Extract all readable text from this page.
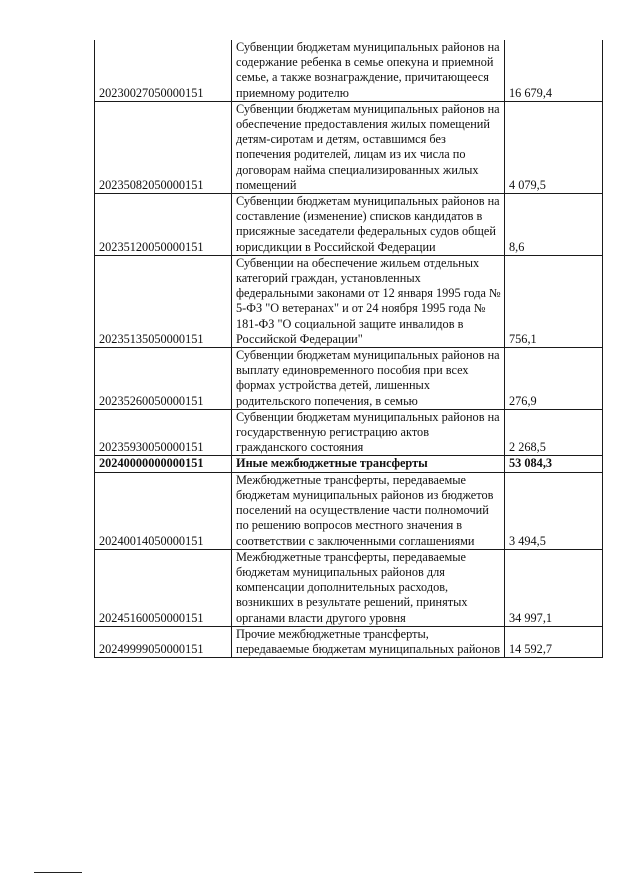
20230027050000151	Субвенции бюджетам муниципальных районов на содержание ребенка в семье опекуна и приемной семье, а также вознаграждение, причитающееся приемному родителю	16 679,4
20235082050000151	Субвенции бюджетам муниципальных районов на обеспечение предоставления жилых помещений детям-сиротам и детям, оставшимся без попечения родителей, лицам из их числа по договорам найма специализированных жилых помещений	4 079,5
20235120050000151	Субвенции бюджетам муниципальных районов на составление (изменение) списков кандидатов в присяжные заседатели федеральных судов общей юрисдикции в Российской Федерации	8,6
20235135050000151	Субвенции на обеспечение жильем отдельных категорий граждан, установленных федеральными законами от 12 января 1995 года № 5-ФЗ "О ветеранах" и от 24 ноября 1995 года № 181-ФЗ "О социальной защите инвалидов в Российской Федерации"	756,1
20235260050000151	Субвенции бюджетам муниципальных районов на выплату единовременного пособия при всех формах устройства детей, лишенных родительского попечения, в семью	276,9
20235930050000151	Субвенции бюджетам муниципальных районов на государственную регистрацию актов гражданского состояния	2 268,5
20240000000000151	Иные межбюджетные трансферты	53 084,3
20240014050000151	Межбюджетные трансферты, передаваемые бюджетам муниципальных районов из бюджетов поселений на осуществление части полномочий по решению вопросов местного значения в соответствии с заключенными соглашениями	3 494,5
20245160050000151	Межбюджетные трансферты, передаваемые бюджетам муниципальных районов для компенсации дополнительных расходов, возникших в результате решений, принятых органами власти другого уровня	34 997,1
20249999050000151	Прочие межбюджетные трансферты, передаваемые бюджетам муниципальных районов	14 592,7
